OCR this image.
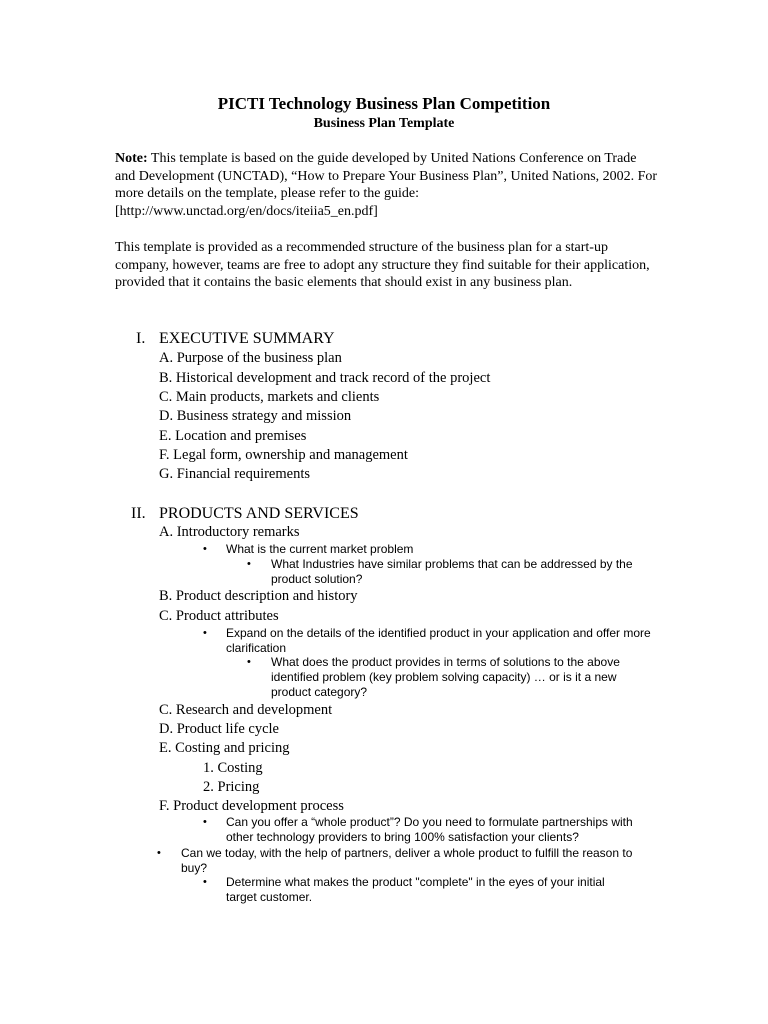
PICTI Technology Business Plan Competition
Business Plan Template
Note: This template is based on the guide developed by United Nations Conference on Trade and Development (UNCTAD), “How to Prepare Your Business Plan”, United Nations, 2002. For more details on the template, please refer to the guide: [http://www.unctad.org/en/docs/iteiia5_en.pdf]
This template is provided as a recommended structure of the business plan for a start-up company, however, teams are free to adopt any structure they find suitable for their application, provided that it contains the basic elements that should exist in any business plan.
I. EXECUTIVE SUMMARY
A. Purpose of the business plan
B. Historical development and track record of the project
C. Main products, markets and clients
D. Business strategy and mission
E. Location and premises
F. Legal form, ownership and management
G. Financial requirements
II. PRODUCTS AND SERVICES
A. Introductory remarks
• What is the current market problem
• What Industries have similar problems that can be addressed by the product solution?
B. Product description and history
C. Product attributes
• Expand on the details of the identified product in your application and offer more clarification
• What does the product provides in terms of solutions to the above identified problem (key problem solving capacity) … or is it a new product category?
C. Research and development
D. Product life cycle
E. Costing and pricing
1. Costing
2. Pricing
F. Product development process
• Can you offer a “whole product”? Do you need to formulate partnerships with other technology providers to bring 100% satisfaction your clients?
• Can we today, with the help of partners, deliver a whole product to fulfill the reason to buy?
• Determine what makes the product "complete" in the eyes of your initial target customer.
